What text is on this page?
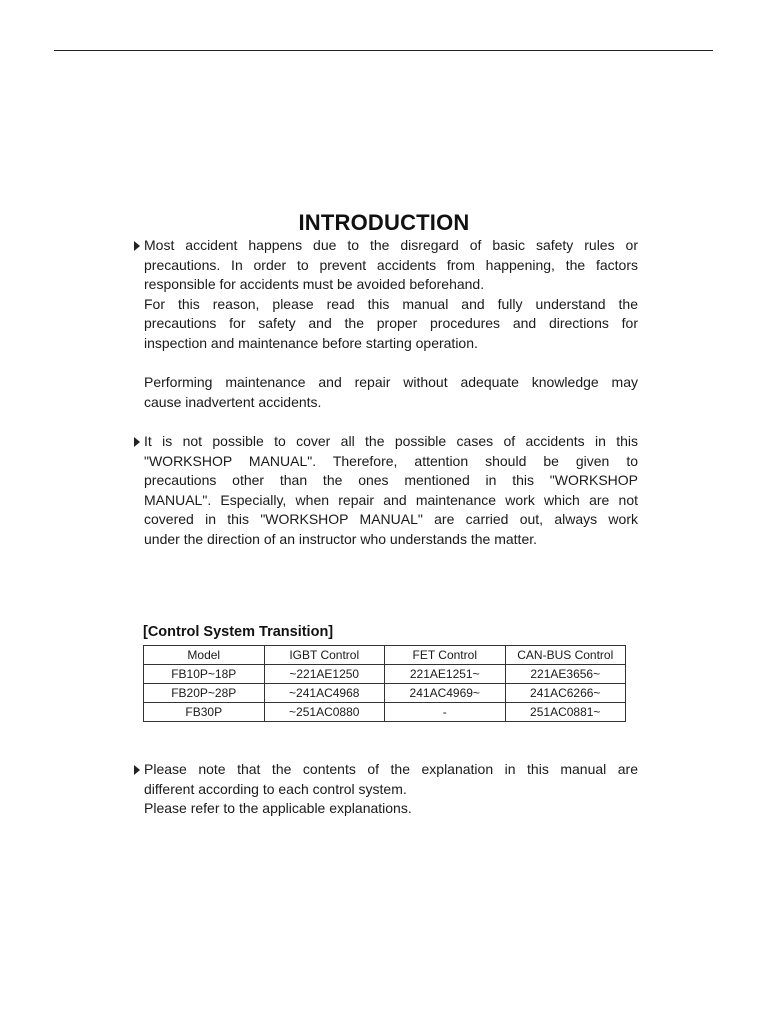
INTRODUCTION
Most accident happens due to the disregard of basic safety rules or
precautions. In order to prevent accidents from happening, the factors
responsible for accidents must be avoided beforehand.
For this reason, please read this manual and fully understand the
precautions for safety and the proper procedures and directions for
inspection and maintenance before starting operation.
Performing maintenance and repair without adequate knowledge may
cause inadvertent accidents.
It is not possible to cover all the possible cases of accidents in this
"WORKSHOP MANUAL". Therefore, attention should be given to
precautions other than the ones mentioned in this "WORKSHOP
MANUAL". Especially, when repair and maintenance work which are not
covered in this "WORKSHOP MANUAL" are carried out, always work
under the direction of an instructor who understands the matter.
[Control System Transition]
Model	IGBT Control	FET Control	CAN-BUS Control
FB10P~18P	~221AE1250	221AE1251~	221AE3656~
FB20P~28P	~241AC4968	241AC4969~	241AC6266~
FB30P	~251AC0880	-	251AC0881~
Please note that the contents of the explanation in this manual are
different according to each control system.
Please refer to the applicable explanations.
